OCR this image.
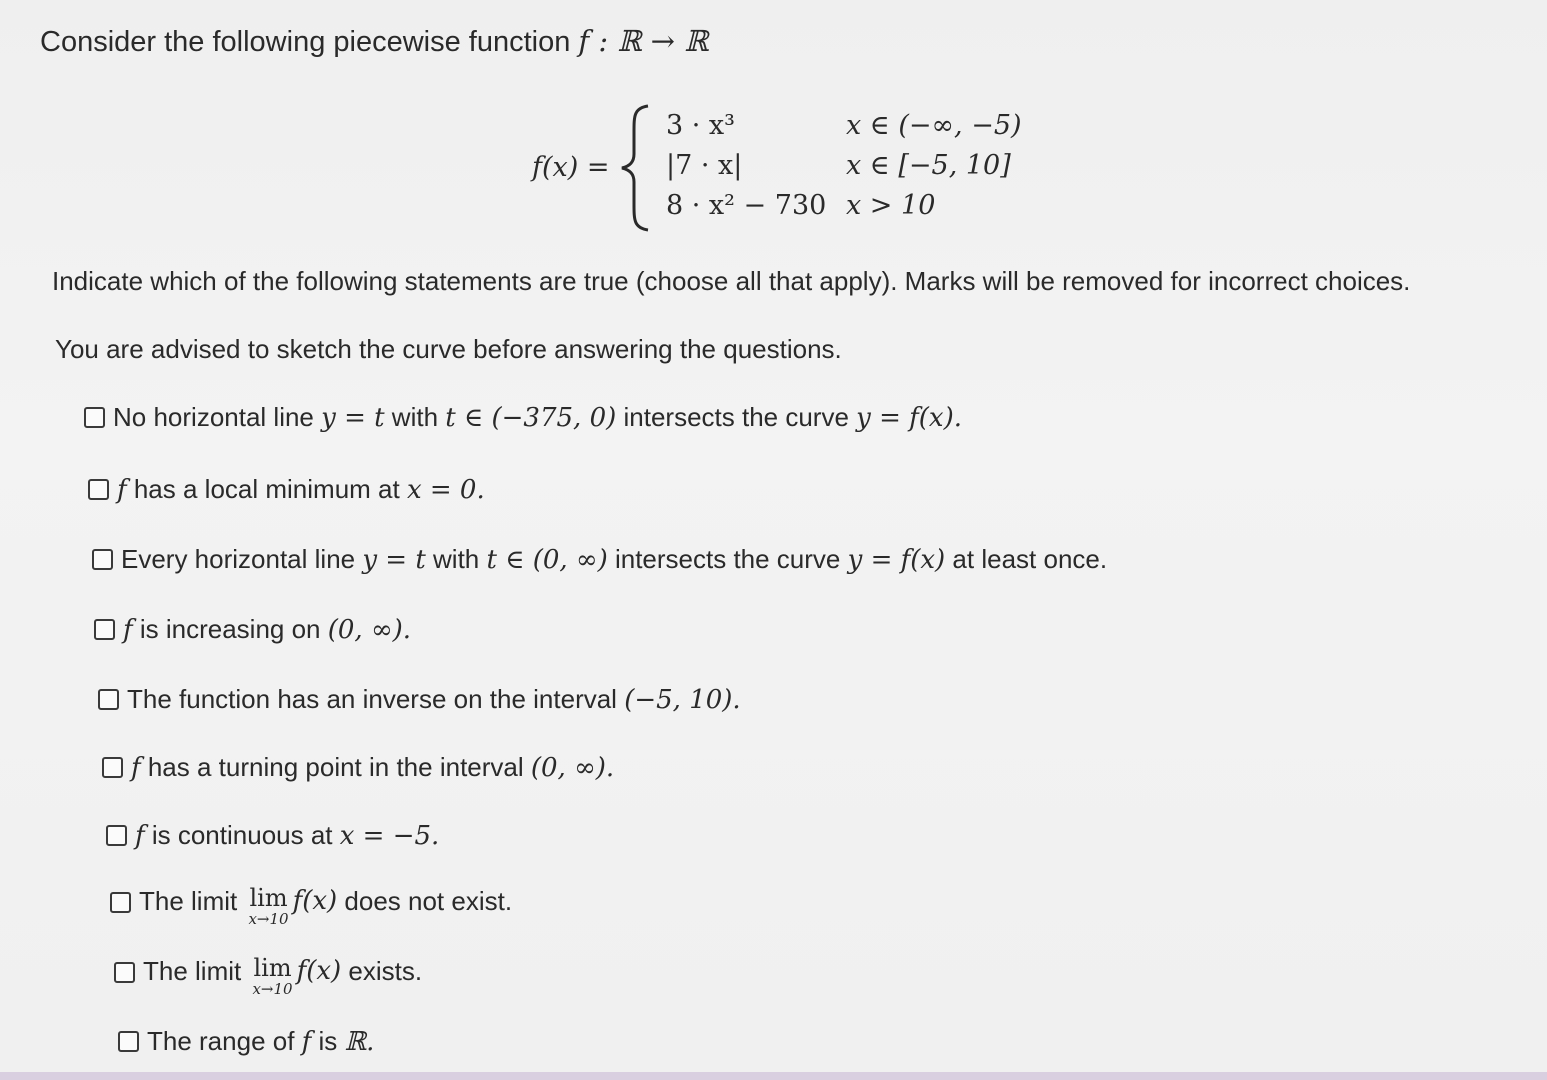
Consider the following piecewise function f : ℝ → ℝ
f(x) =
3 · x³	x ∈ (−∞, −5)
|7 · x|	x ∈ [−5, 10]
8 · x² − 730 x > 10
Indicate which of the following statements are true (choose all that apply). Marks will be removed for incorrect choices.
You are advised to sketch the curve before answering the questions.
No horizontal line y = t with t ∈ (−375, 0) intersects the curve y = f(x).
f has a local minimum at x = 0.
Every horizontal line y = t with t ∈ (0, ∞) intersects the curve y = f(x) at least once.
f is increasing on (0, ∞).
The function has an inverse on the interval (−5, 10).
f has a turning point in the interval (0, ∞).
f is continuous at x = −5.
The limit lim
x→10
f(x) does not exist.
The limit lim
x→10
f(x) exists.
The range of f is ℝ.
